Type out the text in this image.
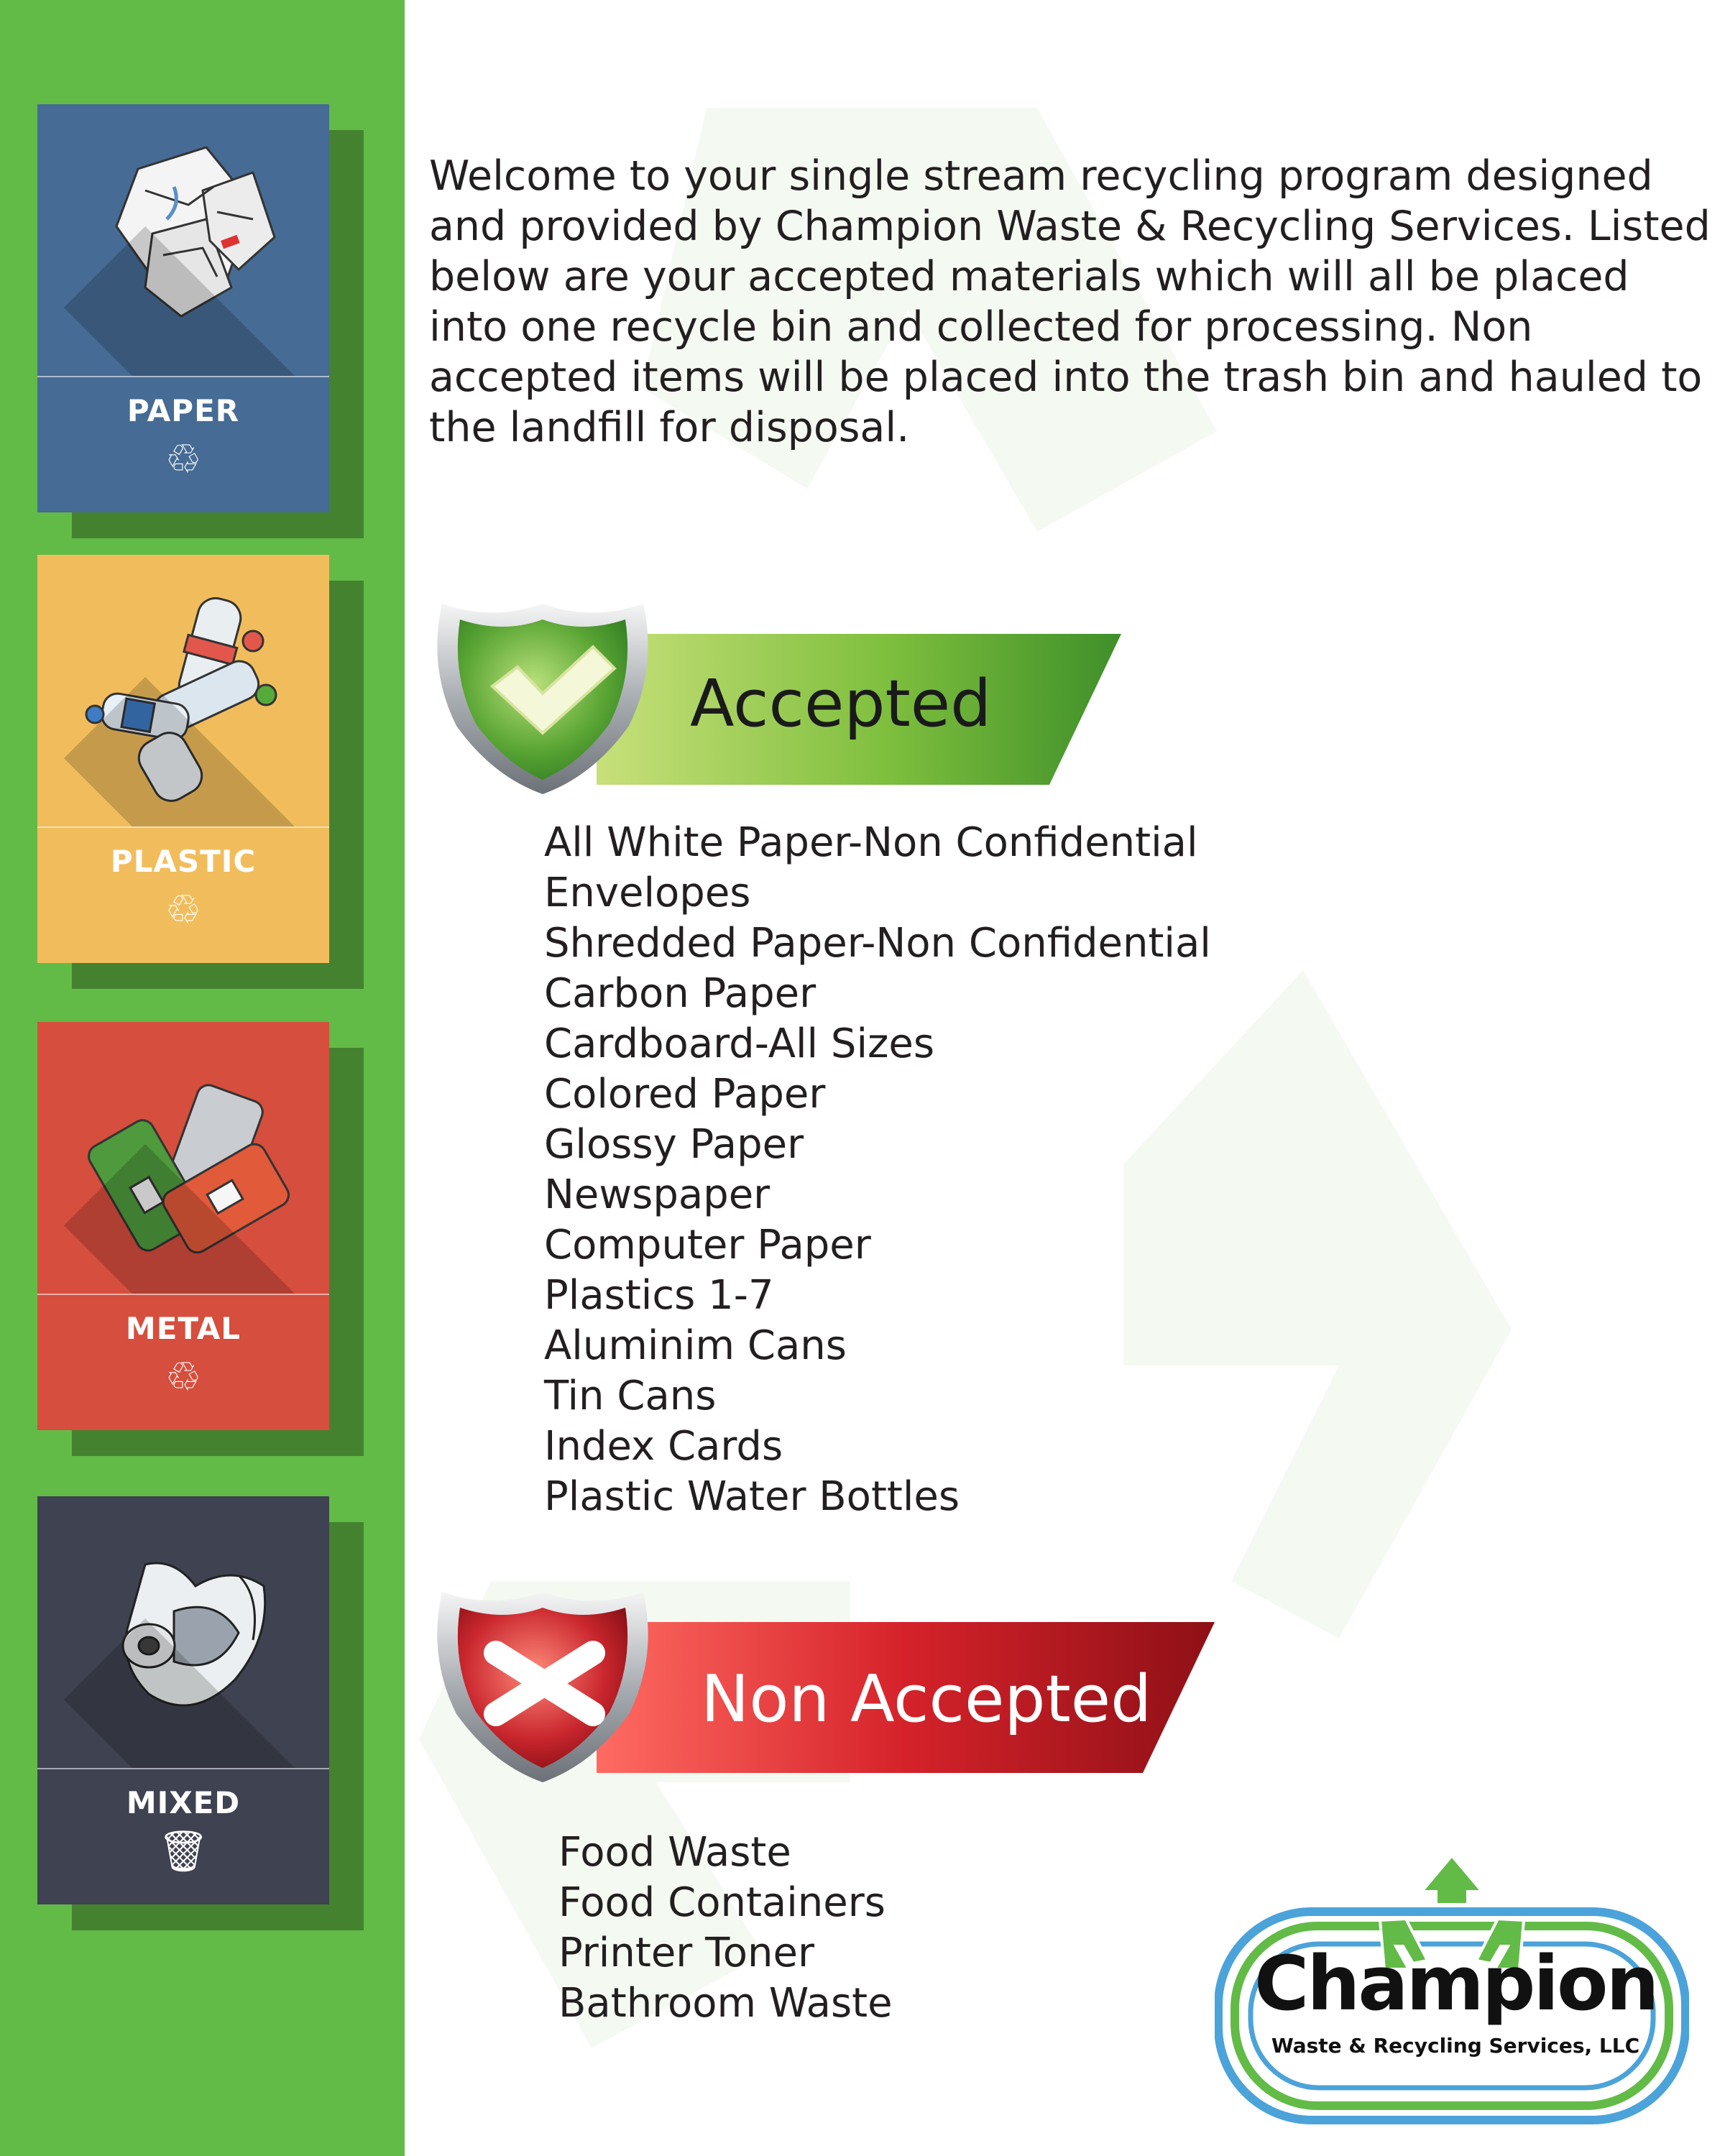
PAPER
♲
PLASTIC
♲
METAL
♲
MIXED
🗑
Welcome to your single stream recycling program designed and provided by Champion Waste & Recycling Services. Listed below are your accepted materials which will all be placed into one recycle bin and collected for processing. Non accepted items will be placed into the trash bin and hauled to the landfill for disposal.
Accepted
All White Paper-Non Confidential
Envelopes
Shredded Paper-Non Confidential
Carbon Paper
Cardboard-All Sizes
Colored Paper
Glossy Paper
Newspaper
Computer Paper
Plastics 1-7
Aluminim Cans
Tin Cans
Index Cards
Plastic Water Bottles
Non Accepted
Food Waste
Food Containers
Printer Toner
Bathroom Waste	Champion
Waste & Recycling Services, LLC
